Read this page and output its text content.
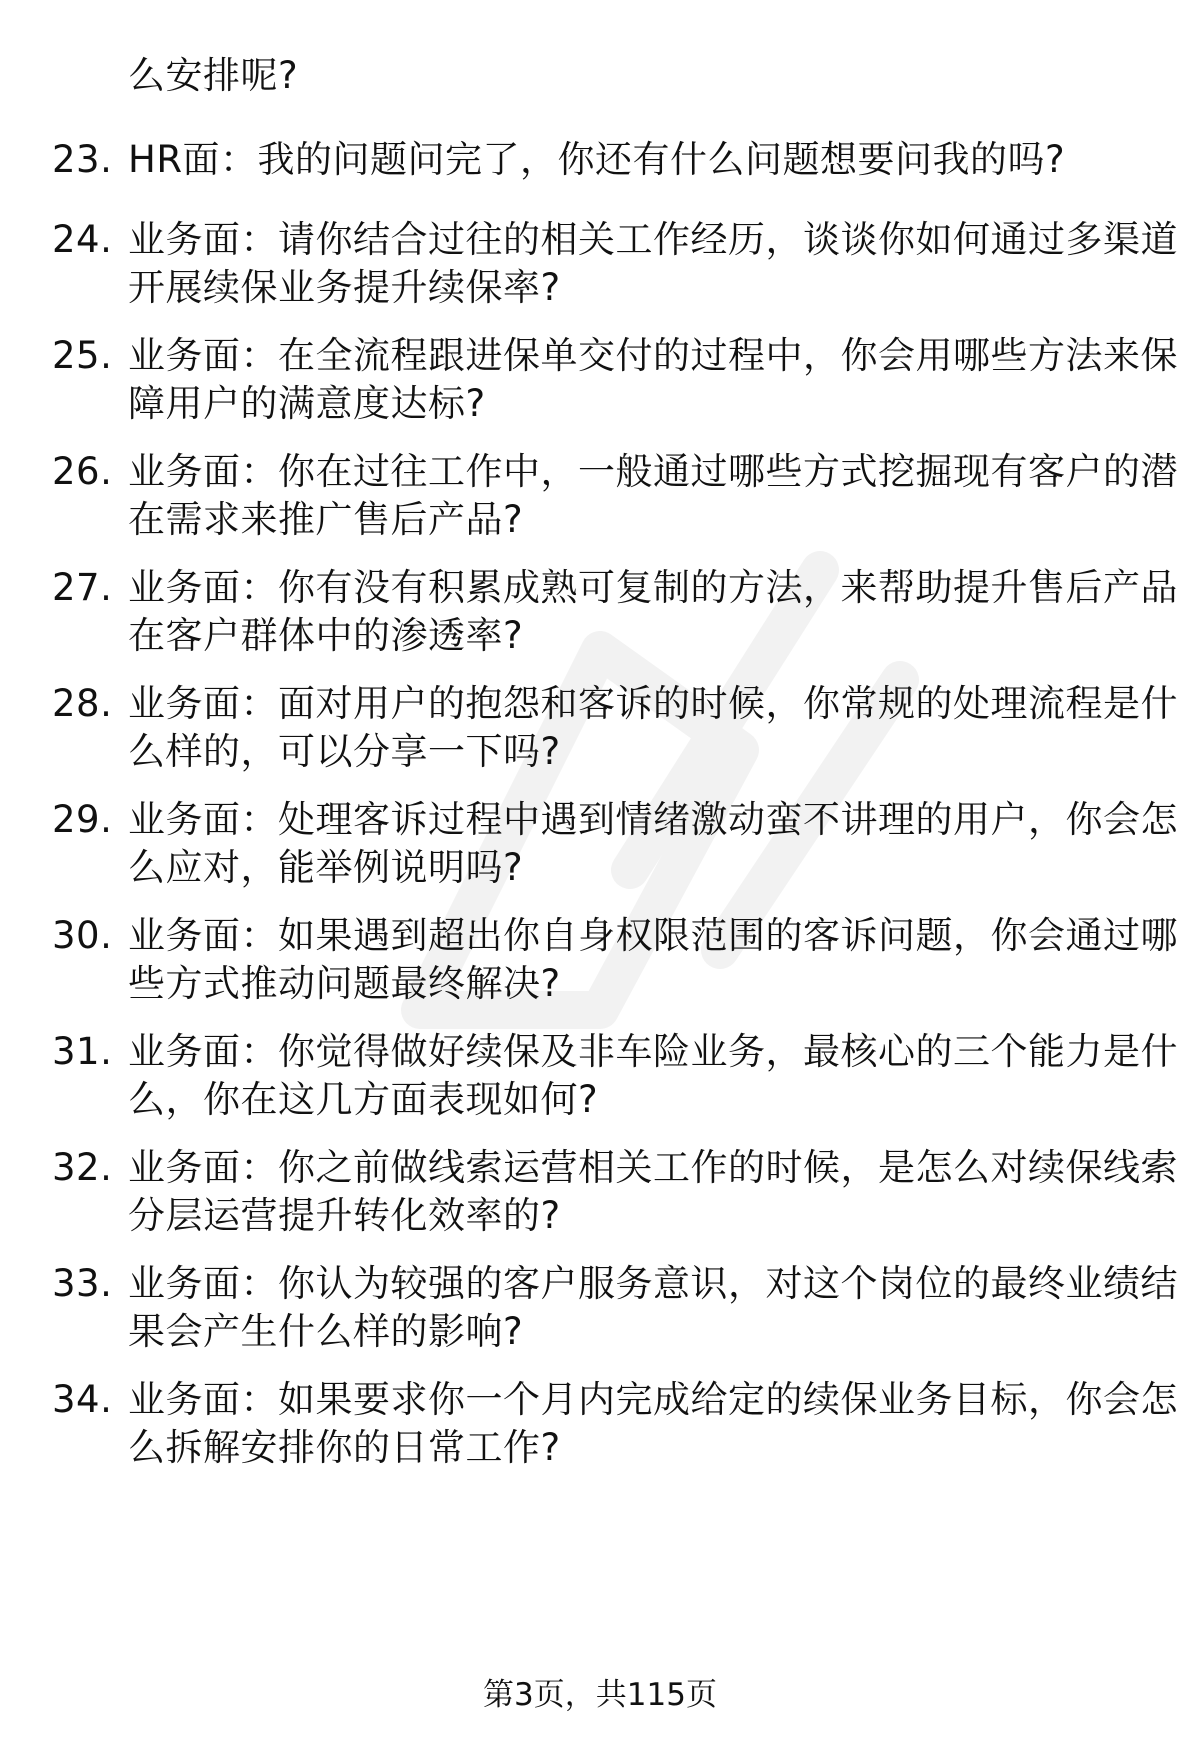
么安排呢?
23. HR面：我的问题问完了，你还有什么问题想要问我的吗?
24. 业务面：请你结合过往的相关工作经历，谈谈你如何通过多渠道
开展续保业务提升续保率?
25. 业务面：在全流程跟进保单交付的过程中，你会用哪些方法来保
障用户的满意度达标?
26. 业务面：你在过往工作中，一般通过哪些方式挖掘现有客户的潜
在需求来推广售后产品?
27. 业务面：你有没有积累成熟可复制的方法，来帮助提升售后产品
在客户群体中的渗透率?
28. 业务面：面对用户的抱怨和客诉的时候，你常规的处理流程是什
么样的，可以分享一下吗?
29. 业务面：处理客诉过程中遇到情绪激动蛮不讲理的用户，你会怎
么应对，能举例说明吗?
30. 业务面：如果遇到超出你自身权限范围的客诉问题，你会通过哪
些方式推动问题最终解决?
31. 业务面：你觉得做好续保及非车险业务，最核心的三个能力是什
么，你在这几方面表现如何?
32. 业务面：你之前做线索运营相关工作的时候，是怎么对续保线索
分层运营提升转化效率的?
33. 业务面：你认为较强的客户服务意识，对这个岗位的最终业绩结
果会产生什么样的影响?
34. 业务面：如果要求你一个月内完成给定的续保业务目标，你会怎
么拆解安排你的日常工作?
第3页，共115页
